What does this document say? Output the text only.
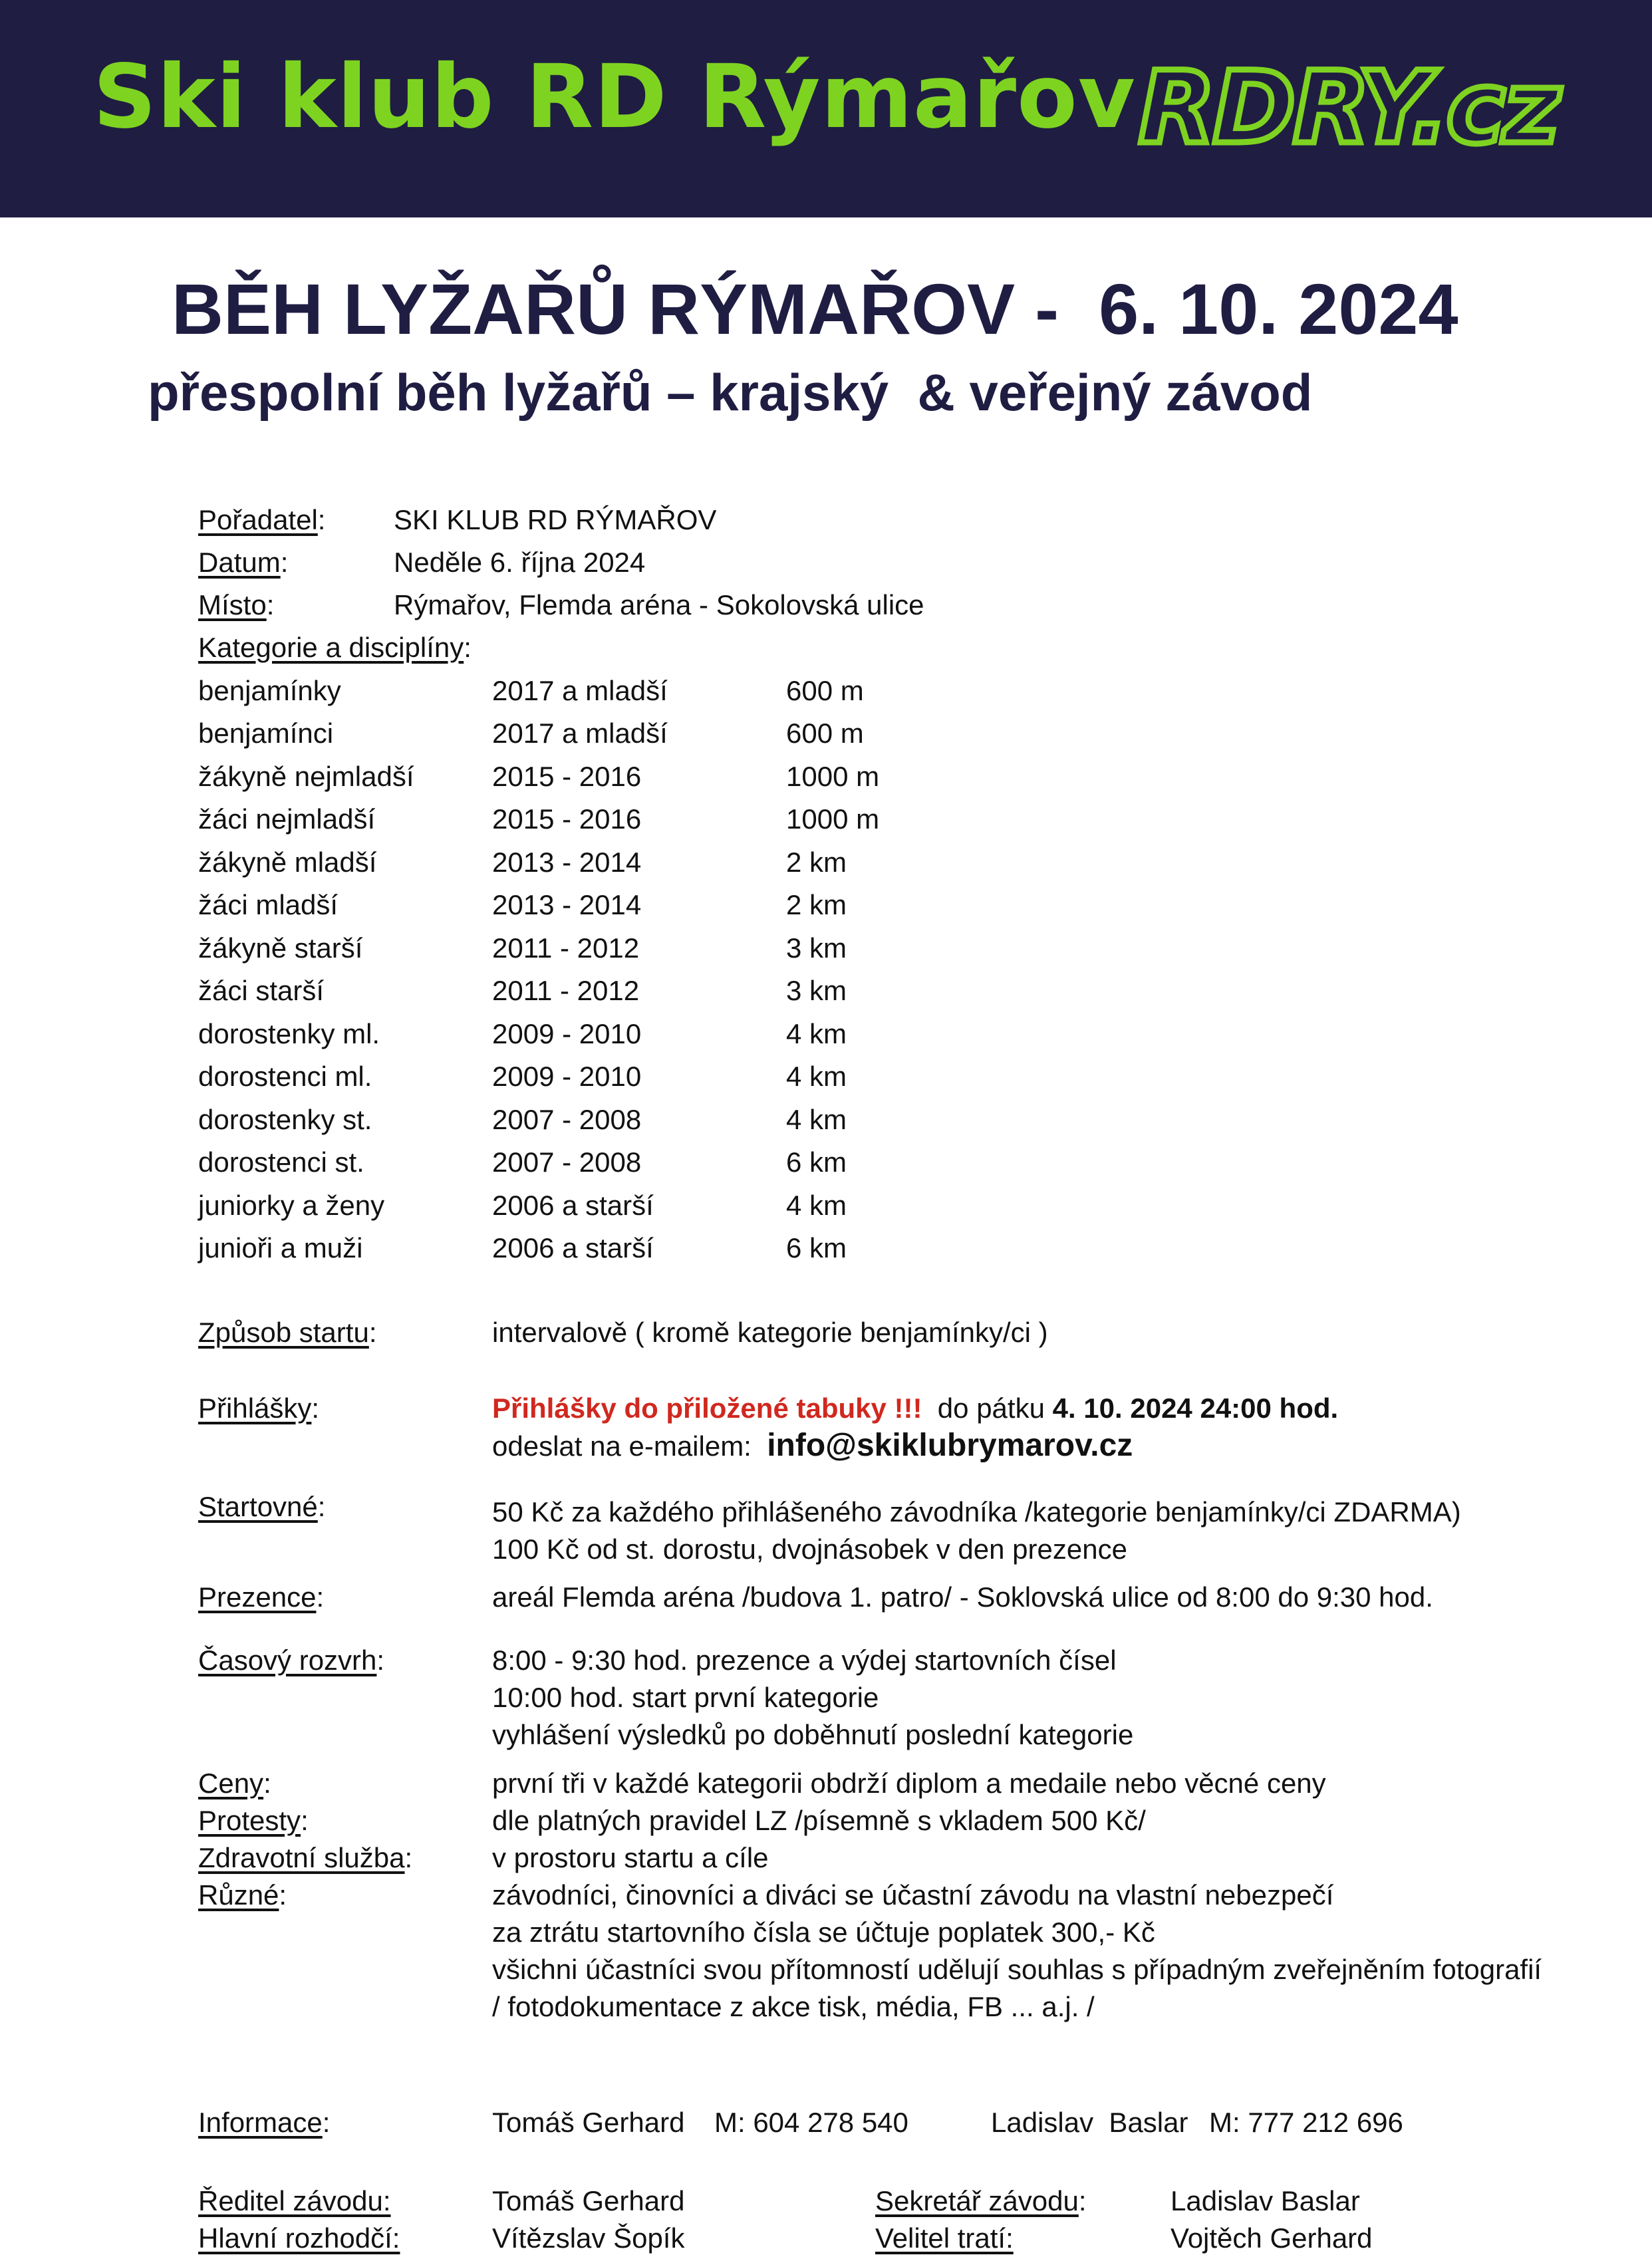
Ski klub RD Rýmařov RDRY.cz
BĚH LYŽAŘŮ RÝMAŘOV -  6. 10. 2024
přespolní běh lyžařů – krajský  & veřejný závod
Pořadatel: SKI KLUB RD RÝMAŘOV
Datum:	Neděle 6. října 2024
Místo:	Rýmařov, Flemda aréna - Sokolovská ulice
Kategorie a disciplíny:
benjamínky	2017 a mladší	600 m
benjamínci	2017 a mladší	600 m
žákyně nejmladší	2015 - 2016	1000 m
žáci nejmladší	2015 - 2016	1000 m
žákyně mladší	2013 - 2014	2 km
žáci mladší	2013 - 2014	2 km
žákyně starší	2011 - 2012	3 km
žáci starší	2011 - 2012	3 km
dorostenky ml.	2009 - 2010	4 km
dorostenci ml.	2009 - 2010	4 km
dorostenky st.	2007 - 2008	4 km
dorostenci st.	2007 - 2008	6 km
juniorky a ženy	2006 a starší	4 km
junioři a muži	2006 a starší	6 km
Způsob startu:	intervalově ( kromě kategorie benjamínky/ci )
Přihlášky:	Přihlášky do přiložené tabuky !!!  do pátku 4. 10. 2024 24:00 hod.
odeslat na e-mailem:  info@skiklubrymarov.cz
Startovné:	50 Kč za každého přihlášeného závodníka /kategorie benjamínky/ci ZDARMA)
100 Kč od st. dorostu, dvojnásobek v den prezence
Prezence:	areál Flemda aréna /budova 1. patro/ - Soklovská ulice od 8:00 do 9:30 hod.
Časový rozvrh:	8:00 - 9:30 hod. prezence a výdej startovních čísel
10:00 hod. start první kategorie
vyhlášení výsledků po doběhnutí poslední kategorie
Ceny:	první tři v každé kategorii obdrží diplom a medaile nebo věcné ceny
Protesty:	dle platných pravidel LZ /písemně s vkladem 500 Kč/
Zdravotní služba:	v prostoru startu a cíle
Různé:	závodníci, činovníci a diváci se účastní závodu na vlastní nebezpečí
za ztrátu startovního čísla se účtuje poplatek 300,- Kč
všichni účastníci svou přítomností udělují souhlas s případným zveřejněním fotografií
/ fotodokumentace z akce tisk, média, FB ... a.j. /
Informace:	Tomáš Gerhard M: 604 278 540	Ladislav  Baslar M: 777 212 696
Ředitel závodu:	Tomáš Gerhard	Sekretář závodu:	Ladislav Baslar
Hlavní rozhodčí:	Vítězslav Šopík	Velitel tratí:	Vojtěch Gerhard
